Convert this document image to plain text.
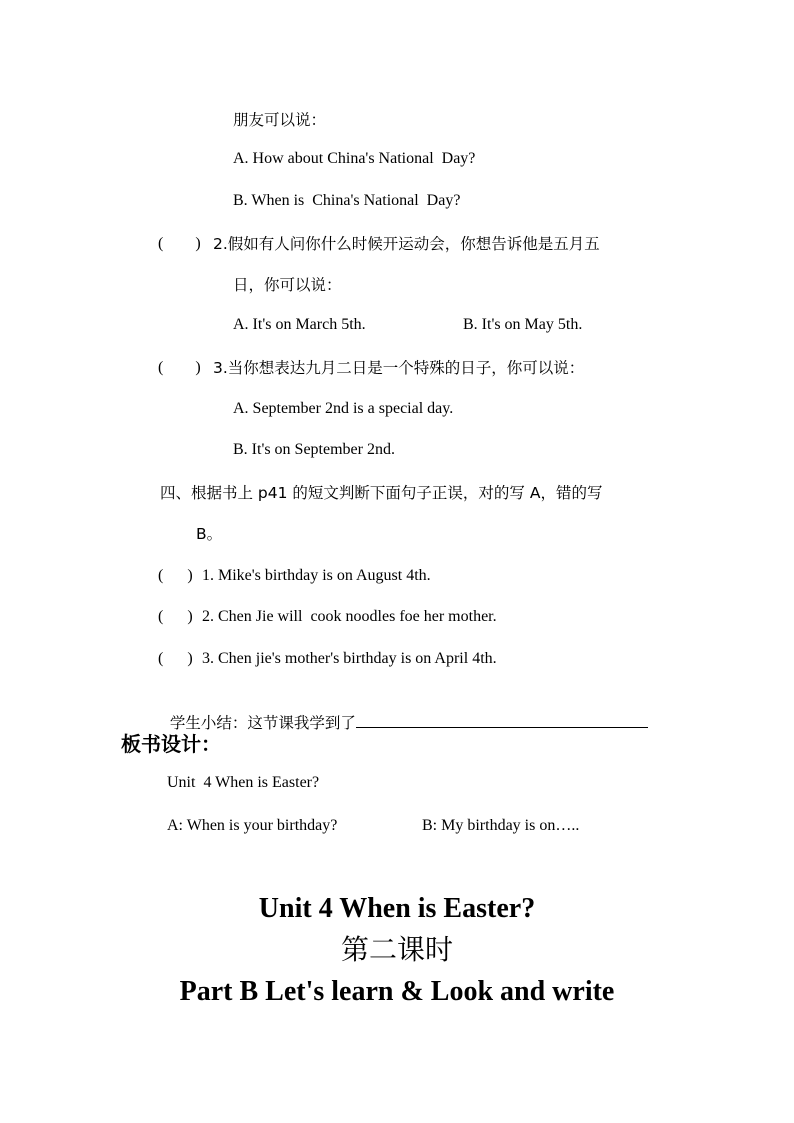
朋友可以说：
A. How about China's National  Day?
B. When is  China's National  Day?
(        ) 2.假如有人问你什么时候开运动会，你想告诉他是五月五
日，你可以说：
A. It's on March 5th.	B. It's on May 5th.
(        ) 3.当你想表达九月二日是一个特殊的日子，你可以说：
A. September 2nd is a special day.
B. It's on September 2nd.
四、根据书上 p41 的短文判断下面句子正误，对的写 A，错的写
B。
(      ) 1. Mike's birthday is on August 4th.
(      ) 2. Chen Jie will  cook noodles foe her mother.
(      ) 3. Chen jie's mother's birthday is on April 4th.

学生小结：这节课我学到了

板书设计：
Unit  4 When is Easter?
A: When is your birthday?	B: My birthday is on…..
Unit 4 When is Easter?
第二课时
Part B Let's learn & Look and write
